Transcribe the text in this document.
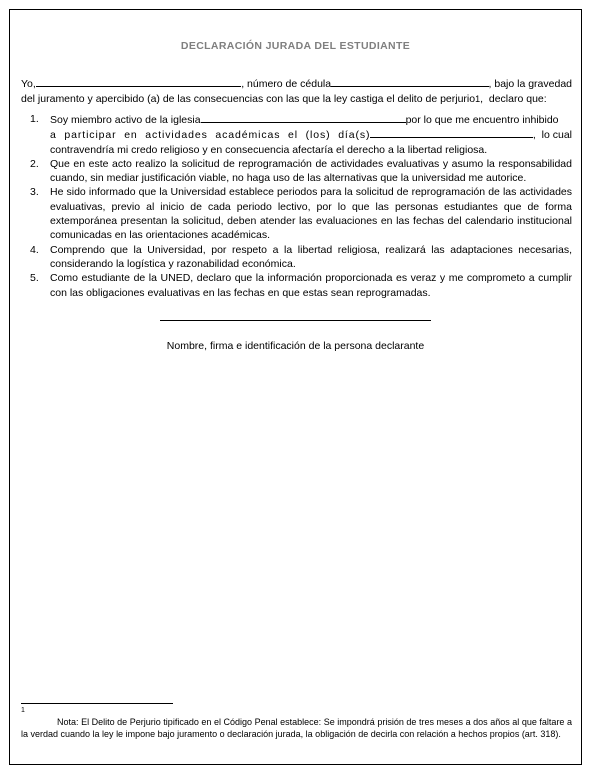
DECLARACIÓN JURADA DEL ESTUDIANTE
Yo,	, número de cédula	, bajo la gravedad
del juramento y apercibido (a) de las consecuencias con las que la ley castiga el delito de perjurio1,  declaro que:
Soy miembro activo de la iglesia	por lo que me encuentro inhibido
a  participar  en  actividades  académicas  el  (los)  día(s)	,  lo cual
contravendría mi credo religioso y en consecuencia afectaría el derecho a la libertad religiosa.
Que en este acto realizo la solicitud de reprogramación de actividades evaluativas y asumo la responsabilidad cuando, sin mediar justificación viable, no haga uso de las alternativas que la universidad me autorice.
He sido informado que la Universidad establece periodos para la solicitud de reprogramación de las actividades evaluativas, previo al inicio de cada periodo lectivo, por lo que las personas estudiantes que de forma extemporánea presentan la solicitud, deben atender las evaluaciones en las fechas del calendario institucional comunicadas en las orientaciones académicas.
Comprendo que la Universidad, por respeto a la libertad religiosa, realizará las adaptaciones necesarias, considerando la logística y razonabilidad económica.
Como estudiante de la UNED, declaro que la información proporcionada es veraz y me comprometo a cumplir con las obligaciones evaluativas en las fechas en que estas sean reprogramadas.
Nombre, firma e identificación de la persona declarante
1
Nota: El Delito de Perjurio tipificado en el Código Penal establece: Se impondrá prisión de tres meses a dos años al que faltare a la verdad cuando la ley le impone bajo juramento o declaración jurada, la obligación de decirla con relación a hechos propios (art. 318).
